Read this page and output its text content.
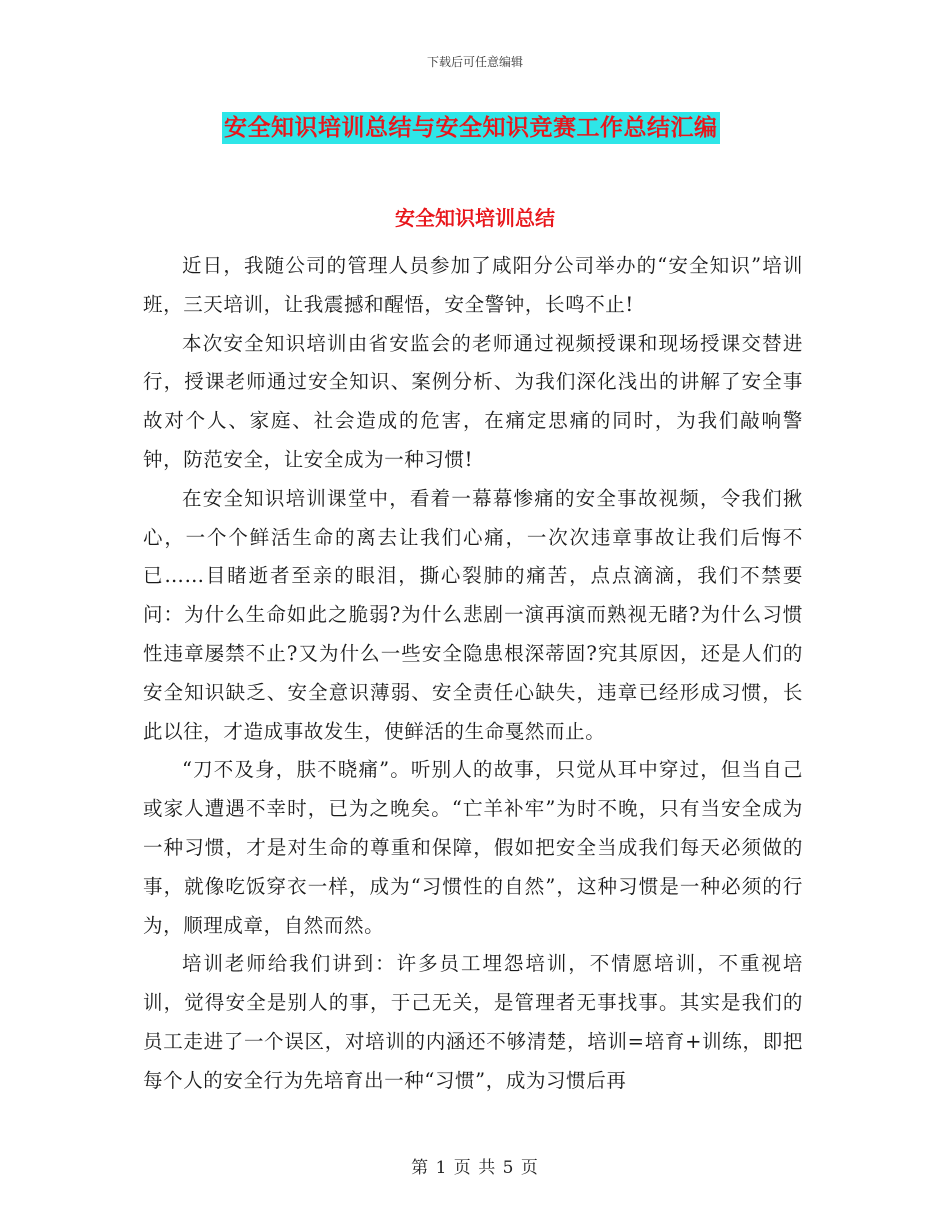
下载后可任意编辑
安全知识培训总结与安全知识竞赛工作总结汇编
安全知识培训总结

近日，我随公司的管理人员参加了咸阳分公司举办的“安全知识”培训班，三天培训，让我震撼和醒悟，安全警钟，长鸣不止!

本次安全知识培训由省安监会的老师通过视频授课和现场授课交替进行，授课老师通过安全知识、案例分析、为我们深化浅出的讲解了安全事故对个人、家庭、社会造成的危害，在痛定思痛的同时，为我们敲响警钟，防范安全，让安全成为一种习惯!

在安全知识培训课堂中，看着一幕幕惨痛的安全事故视频，令我们揪心，一个个鲜活生命的离去让我们心痛，一次次违章事故让我们后悔不已……目睹逝者至亲的眼泪，撕心裂肺的痛苦，点点滴滴，我们不禁要问：为什么生命如此之脆弱?为什么悲剧一演再演而熟视无睹?为什么习惯性违章屡禁不止?又为什么一些安全隐患根深蒂固?究其原因，还是人们的安全知识缺乏、安全意识薄弱、安全责任心缺失，违章已经形成习惯，长此以往，才造成事故发生，使鲜活的生命戛然而止。

“刀不及身，肤不晓痛”。听别人的故事，只觉从耳中穿过，但当自己或家人遭遇不幸时，已为之晚矣。“亡羊补牢”为时不晚，只有当安全成为一种习惯，才是对生命的尊重和保障，假如把安全当成我们每天必须做的事，就像吃饭穿衣一样，成为“习惯性的自然”，这种习惯是一种必须的行为，顺理成章，自然而然。

培训老师给我们讲到：许多员工埋怨培训，不情愿培训，不重视培训，觉得安全是别人的事，于己无关，是管理者无事找事。其实是我们的员工走进了一个误区，对培训的内涵还不够清楚，培训=培育+训练，即把每个人的安全行为先培育出一种“习惯”，成为习惯后再

第 1 页 共 5 页
